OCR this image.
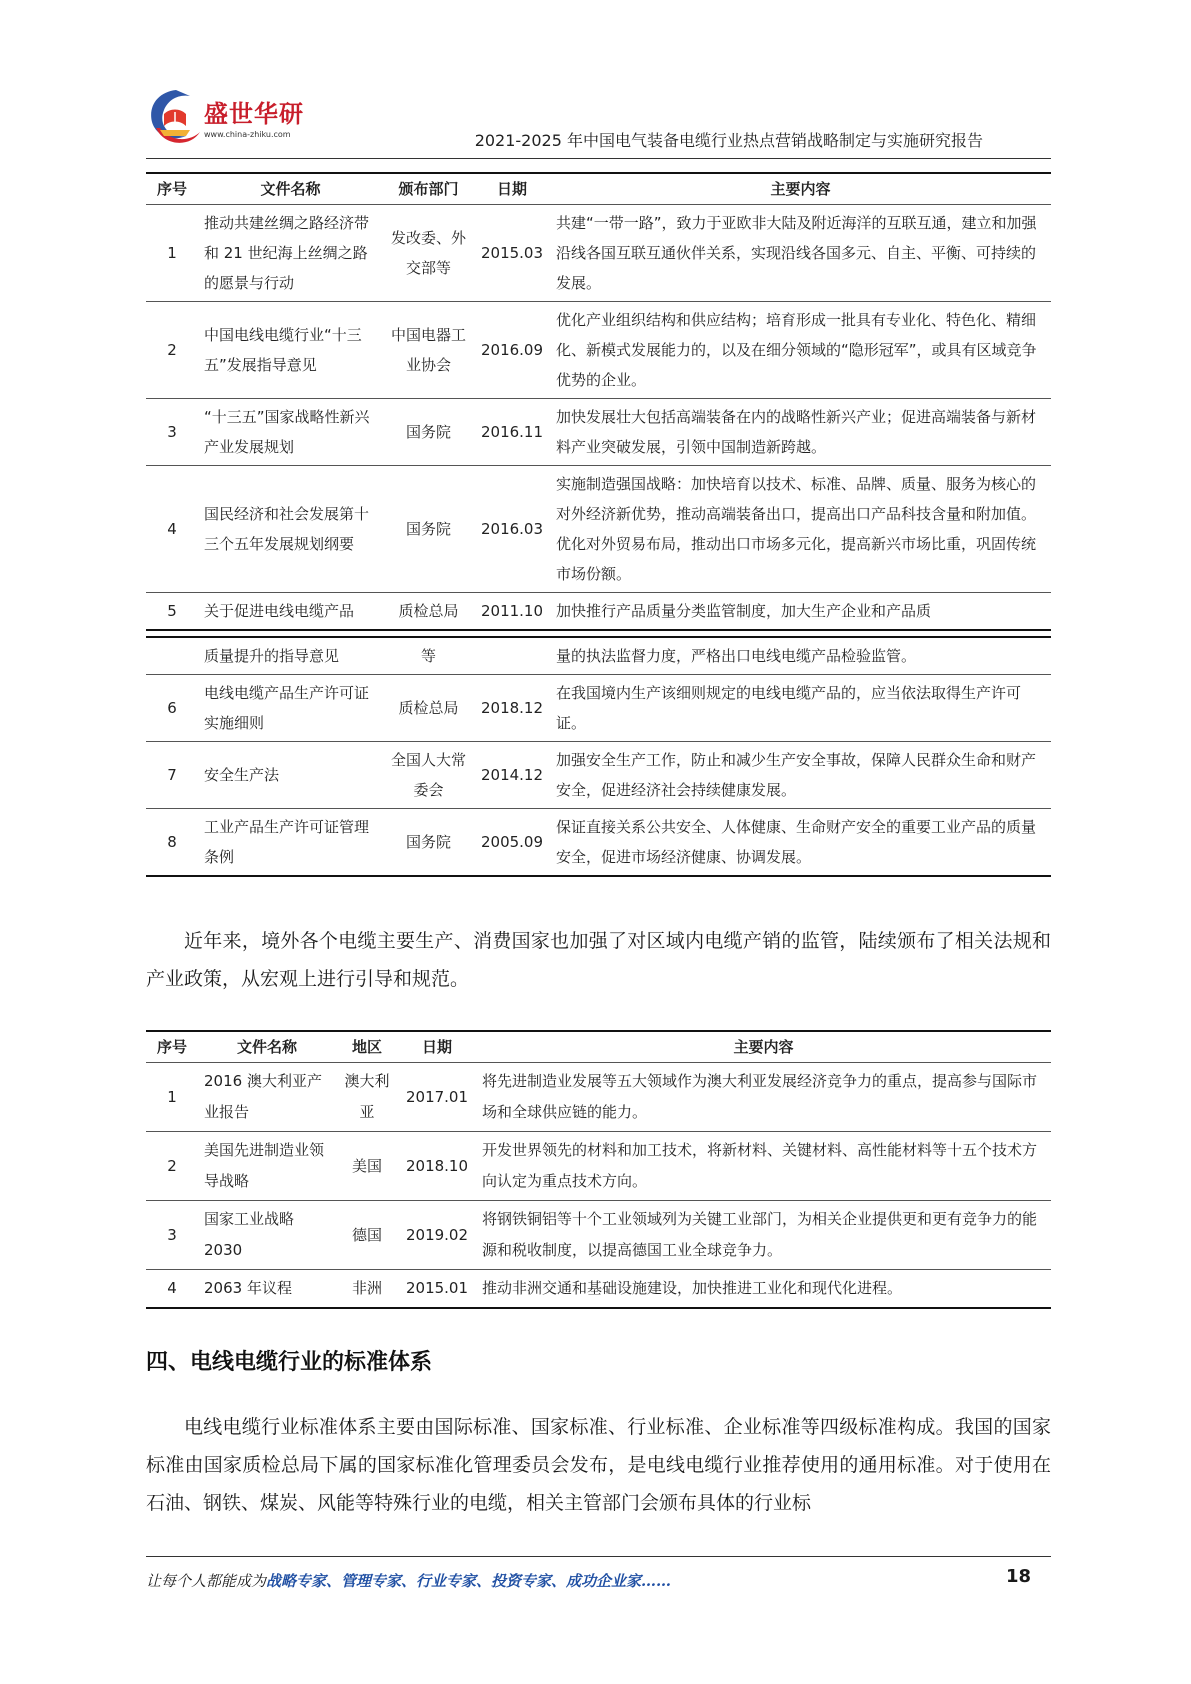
盛世华研
www.china-zhiku.com	2021-2025 年中国电气装备电缆行业热点营销战略制定与实施研究报告
序号	文件名称	颁布部门	日期	主要内容
1	推动共建丝绸之路经济带和 21 世纪海上丝绸之路的愿景与行动	发改委、外交部等	2015.03	共建“一带一路”，致力于亚欧非大陆及附近海洋的互联互通，建立和加强沿线各国互联互通伙伴关系，实现沿线各国多元、自主、平衡、可持续的发展。
2	中国电线电缆行业“十三五”发展指导意见	中国电器工业协会	2016.09	优化产业组织结构和供应结构；培育形成一批具有专业化、特色化、精细化、新模式发展能力的，以及在细分领域的“隐形冠军”，或具有区域竞争优势的企业。
3	“十三五”国家战略性新兴产业发展规划	国务院	2016.11	加快发展壮大包括高端装备在内的战略性新兴产业；促进高端装备与新材料产业突破发展，引领中国制造新跨越。
4	国民经济和社会发展第十三个五年发展规划纲要	国务院	2016.03	实施制造强国战略：加快培育以技术、标准、品牌、质量、服务为核心的对外经济新优势，推动高端装备出口，提高出口产品科技含量和附加值。优化对外贸易布局，推动出口市场多元化，提高新兴市场比重，巩固传统市场份额。
5	关于促进电线电缆产品	质检总局	2011.10	加快推行产品质量分类监管制度，加大生产企业和产品质
	质量提升的指导意见	等		量的执法监督力度，严格出口电线电缆产品检验监管。
6	电线电缆产品生产许可证实施细则	质检总局	2018.12	在我国境内生产该细则规定的电线电缆产品的，应当依法取得生产许可证。
7	安全生产法	全国人大常委会	2014.12	加强安全生产工作，防止和减少生产安全事故，保障人民群众生命和财产安全，促进经济社会持续健康发展。
8	工业产品生产许可证管理条例	国务院	2005.09	保证直接关系公共安全、人体健康、生命财产安全的重要工业产品的质量安全，促进市场经济健康、协调发展。

近年来，境外各个电缆主要生产、消费国家也加强了对区域内电缆产销的监管，陆续颁布了相关法规和产业政策，从宏观上进行引导和规范。

序号	文件名称	地区	日期	主要内容
1	2016 澳大利亚产业报告	澳大利亚	2017.01	将先进制造业发展等五大领域作为澳大利亚发展经济竞争力的重点，提高参与国际市场和全球供应链的能力。
2	美国先进制造业领导战略	美国	2018.10	开发世界领先的材料和加工技术，将新材料、关键材料、高性能材料等十五个技术方向认定为重点技术方向。
3	国家工业战略 2030	德国	2019.02	将钢铁铜铝等十个工业领域列为关键工业部门，为相关企业提供更和更有竞争力的能源和税收制度，以提高德国工业全球竞争力。
4	2063 年议程	非洲	2015.01	推动非洲交通和基础设施建设，加快推进工业化和现代化进程。
四、电线电缆行业的标准体系

电线电缆行业标准体系主要由国际标准、国家标准、行业标准、企业标准等四级标准构成。我国的国家标准由国家质检总局下属的国家标准化管理委员会发布，是电线电缆行业推荐使用的通用标准。对于使用在石油、钢铁、煤炭、风能等特殊行业的电缆，相关主管部门会颁布具体的行业标

让每个人都能成为战略专家、管理专家、行业专家、投资专家、成功企业家……	18
